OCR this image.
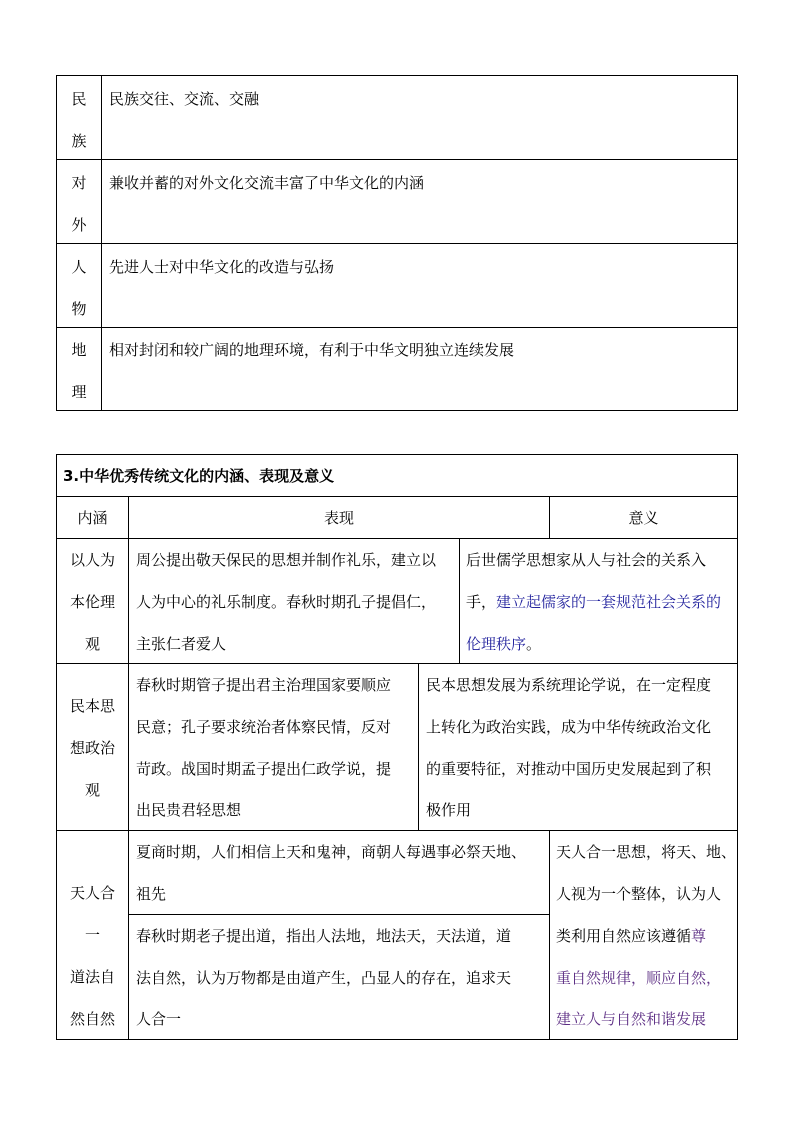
民
族
民族交往、交流、交融
对
外
兼收并蓄的对外文化交流丰富了中华文化的内涵
人
物
先进人士对中华文化的改造与弘扬
地
理
相对封闭和较广阔的地理环境，有利于中华文明独立连续发展
3.中华优秀传统文化的内涵、表现及意义
内涵	表现	意义
以人为
本伦理
观
周公提出敬天保民的思想并制作礼乐，建立以
人为中心的礼乐制度。春秋时期孔子提倡仁，
主张仁者爱人
后世儒学思想家从人与社会的关系入
手，建立起儒家的一套规范社会关系的
伦理秩序。
民本思
想政治
观
春秋时期管子提出君主治理国家要顺应
民意；孔子要求统治者体察民情，反对
苛政。战国时期孟子提出仁政学说，提
出民贵君轻思想
民本思想发展为系统理论学说，在一定程度
上转化为政治实践，成为中华传统政治文化
的重要特征，对推动中国历史发展起到了积
极作用
天人合
一
道法自
然自然
夏商时期，人们相信上天和鬼神，商朝人每遇事必祭天地、
祖先
春秋时期老子提出道，指出人法地，地法天，天法道，道
法自然，认为万物都是由道产生，凸显人的存在，追求天
人合一
天人合一思想，将天、地、
人视为一个整体，认为人
类利用自然应该遵循尊
重自然规律，顺应自然，
建立人与自然和谐发展
